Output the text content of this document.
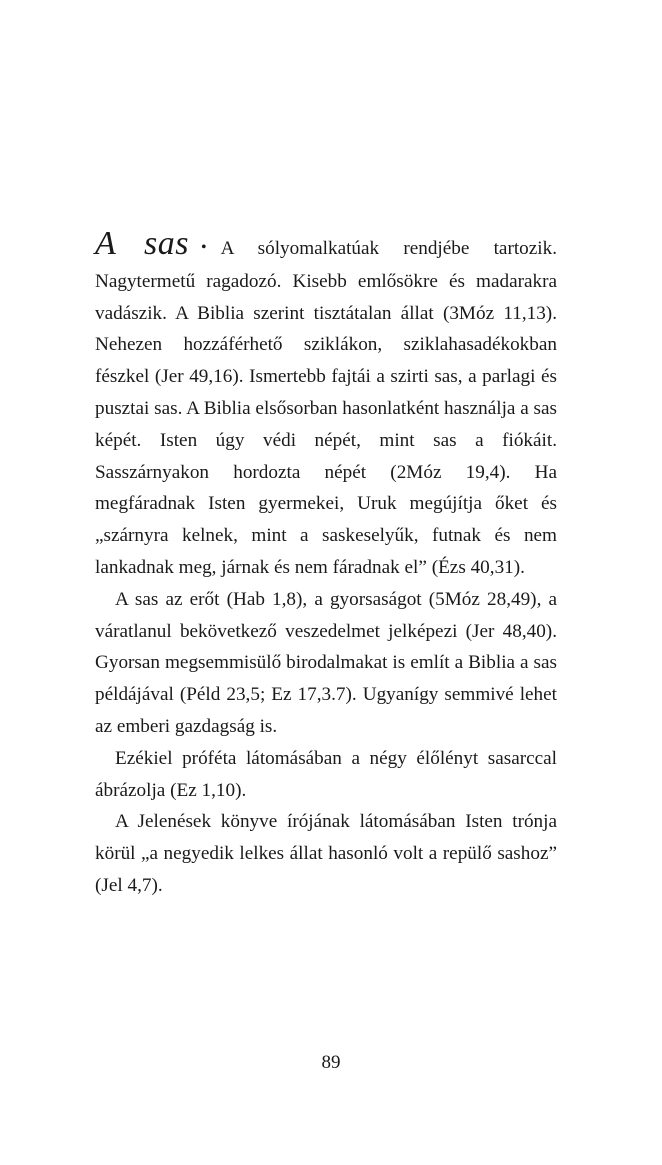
A sas • A sólyomalkatúak rendjébe tartozik. Nagytermetű ragadozó. Kisebb emlősökre és madarakra vadászik. A Biblia szerint tisztátalan állat (3Móz 11,13). Nehezen hozzáférhető sziklákon, sziklahasadékokban fészkel (Jer 49,16). Ismertebb fajtái a szirti sas, a parlagi és pusztai sas. A Biblia elsősorban hasonlatként használja a sas képét. Isten úgy védi népét, mint sas a fiókáit. Sasszárnyakon hordozta népét (2Móz 19,4). Ha megfáradnak Isten gyermekei, Uruk megújítja őket és „szárnyra kelnek, mint a saskeselyűk, futnak és nem lankadnak meg, járnak és nem fáradnak el” (Ézs 40,31).

A sas az erőt (Hab 1,8), a gyorsaságot (5Móz 28,49), a váratlanul bekövetkező veszedelmet jelképezi (Jer 48,40). Gyorsan megsemmisülő birodalmakat is említ a Biblia a sas példájával (Péld 23,5; Ez 17,3.7). Ugyanígy semmivé lehet az emberi gazdagság is.

Ezékiel próféta látomásában a négy élőlényt sasarccal ábrázolja (Ez 1,10).

A Jelenések könyve írójának látomásában Isten trónja körül „a negyedik lelkes állat hasonló volt a repülő sashoz” (Jel 4,7).

89
